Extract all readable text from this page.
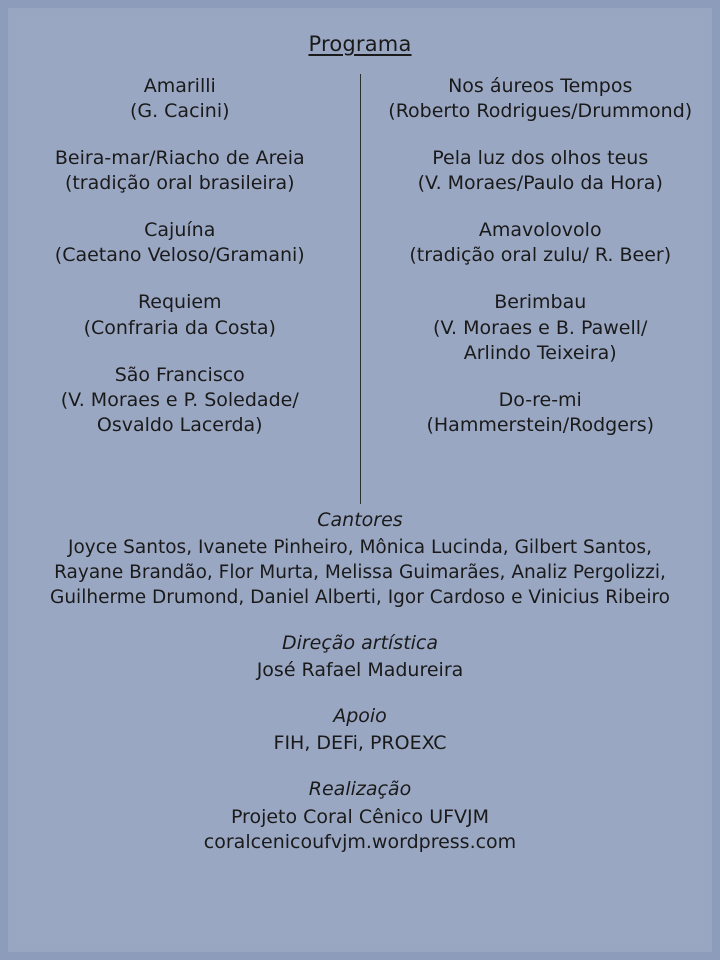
Programa
Amarilli
(G. Cacini)
Beira-mar/Riacho de Areia
(tradição oral brasileira)
Cajuína
(Caetano Veloso/Gramani)
Requiem
(Confraria da Costa)
São Francisco
(V. Moraes e P. Soledade/
Osvaldo Lacerda)
Nos áureos Tempos
(Roberto Rodrigues/Drummond)
Pela luz dos olhos teus
(V. Moraes/Paulo da Hora)
Amavolovolo
(tradição oral zulu/ R. Beer)
Berimbau
(V. Moraes e B. Pawell/
Arlindo Teixeira)
Do-re-mi
(Hammerstein/Rodgers)
Cantores
Joyce Santos, Ivanete Pinheiro, Mônica Lucinda, Gilbert Santos,
Rayane Brandão, Flor Murta, Melissa Guimarães, Analiz Pergolizzi,
Guilherme Drumond, Daniel Alberti, Igor Cardoso e Vinicius Ribeiro
Direção artística
José Rafael Madureira
Apoio
FIH, DEFi, PROEXC
Realização
Projeto Coral Cênico UFVJM
coralcenicoufvjm.wordpress.com
